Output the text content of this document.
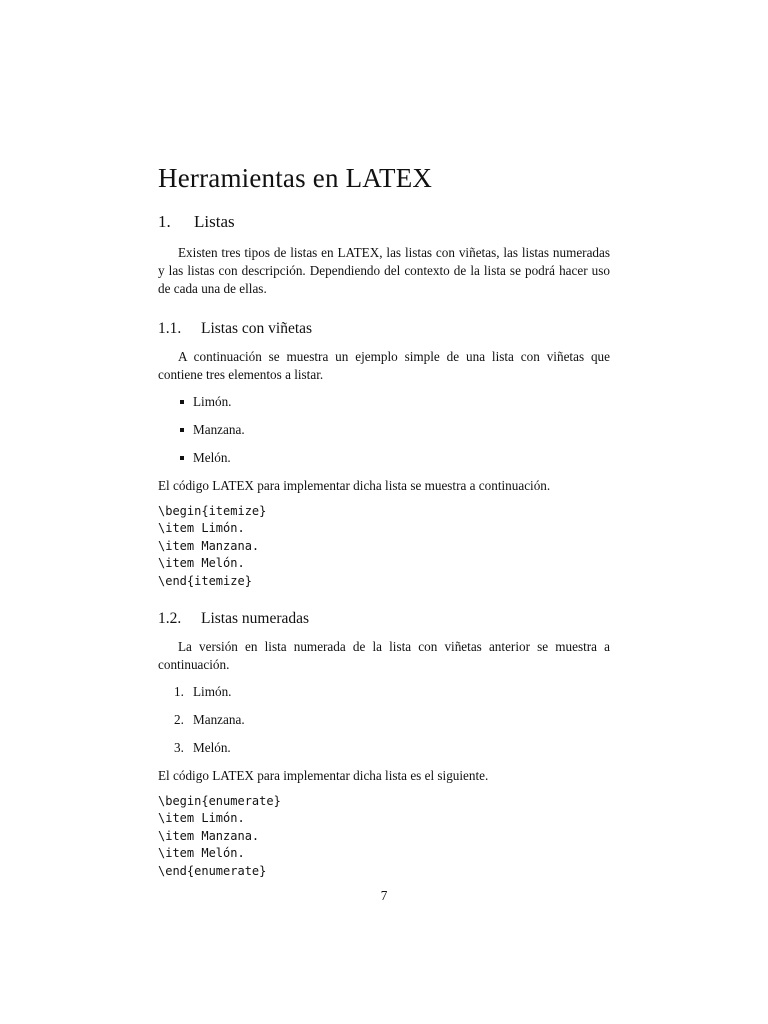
Herramientas en LATEX
1. Listas

Existen tres tipos de listas en LATEX, las listas con viñetas, las listas numeradas y las listas con descripción. Dependiendo del contexto de la lista se podrá hacer uso de cada una de ellas.

1.1. Listas con viñetas

A continuación se muestra un ejemplo simple de una lista con viñetas que contiene tres elementos a listar.

Limón.
Manzana.
Melón.

El código LATEX para implementar dicha lista se muestra a continuación.

\begin{itemize}
\item Limón.
\item Manzana.
\item Melón.
\end{itemize}
1.2. Listas numeradas

La versión en lista numerada de la lista con viñetas anterior se muestra a continuación.

1. Limón.
2. Manzana.
3. Melón.

El código LATEX para implementar dicha lista es el siguiente.

\begin{enumerate}
\item Limón.
\item Manzana.
\item Melón.
\end{enumerate}
7
